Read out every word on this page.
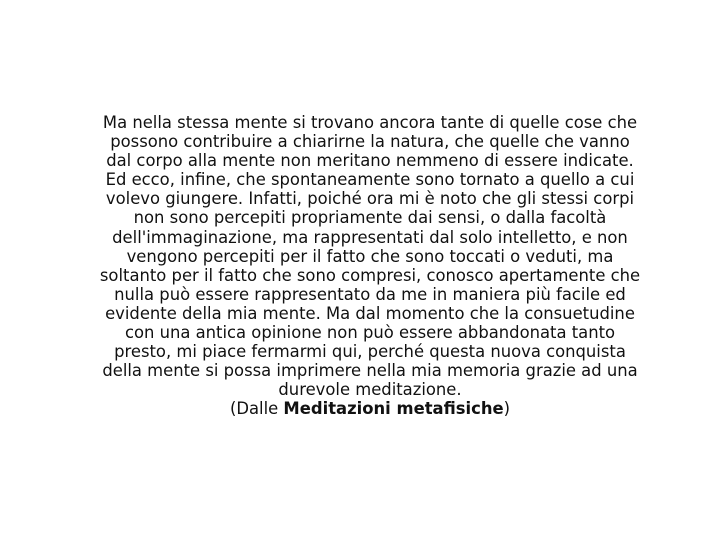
Ma nella stessa mente si trovano ancora tante di quelle cose che
possono contribuire a chiarirne la natura, che quelle che vanno
dal corpo alla mente non meritano nemmeno di essere indicate.
Ed ecco, infine, che spontaneamente sono tornato a quello a cui
volevo giungere. Infatti, poiché ora mi è noto che gli stessi corpi
non sono percepiti propriamente dai sensi, o dalla facoltà
dell'immaginazione, ma rappresentati dal solo intelletto, e non
vengono percepiti per il fatto che sono toccati o veduti, ma
soltanto per il fatto che sono compresi, conosco apertamente che
nulla può essere rappresentato da me in maniera più facile ed
evidente della mia mente. Ma dal momento che la consuetudine
con una antica opinione non può essere abbandonata tanto
presto, mi piace fermarmi qui, perché questa nuova conquista
della mente si possa imprimere nella mia memoria grazie ad una
durevole meditazione.
(Dalle Meditazioni metafisiche)
